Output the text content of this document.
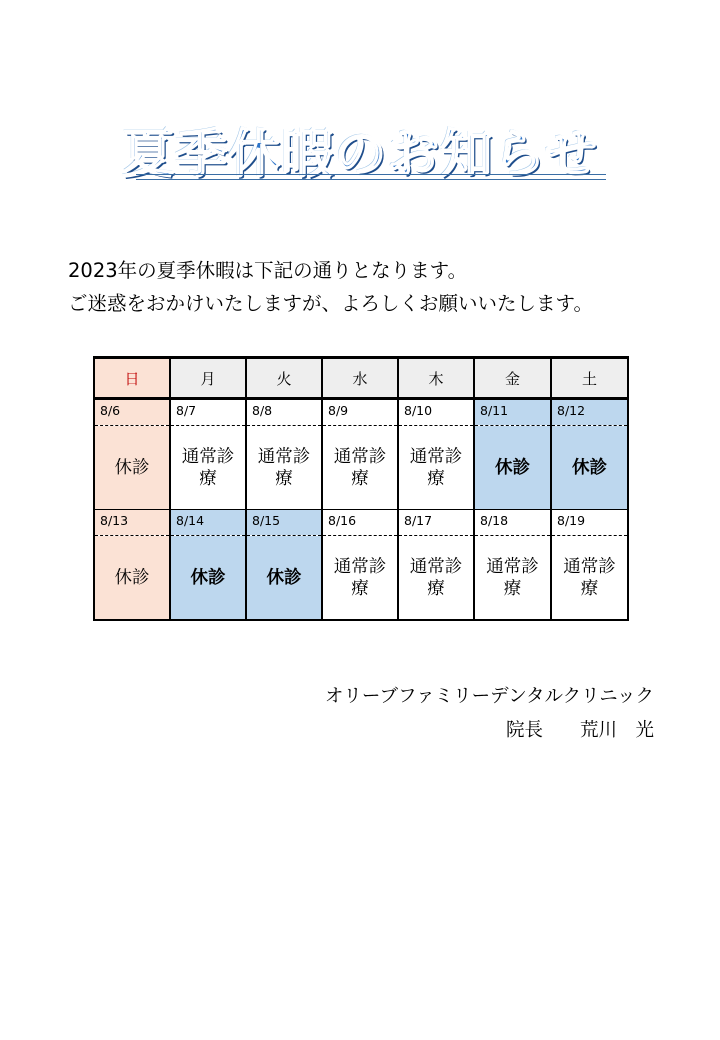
夏季休暇のお知らせ
2023年の夏季休暇は下記の通りとなります。
ご迷惑をおかけいたしますが、よろしくお願いいたします。
日	月	火	水	木	金	土
8/6	8/7	8/8	8/9	8/10	8/11	8/12
休診	通常診療	通常診療	通常診療	通常診療	休診	休診
8/13	8/14	8/15	8/16	8/17	8/18	8/19
休診	休診	休診	通常診療	通常診療	通常診療	通常診療
オリーブファミリーデンタルクリニック
院長　　荒川　光
